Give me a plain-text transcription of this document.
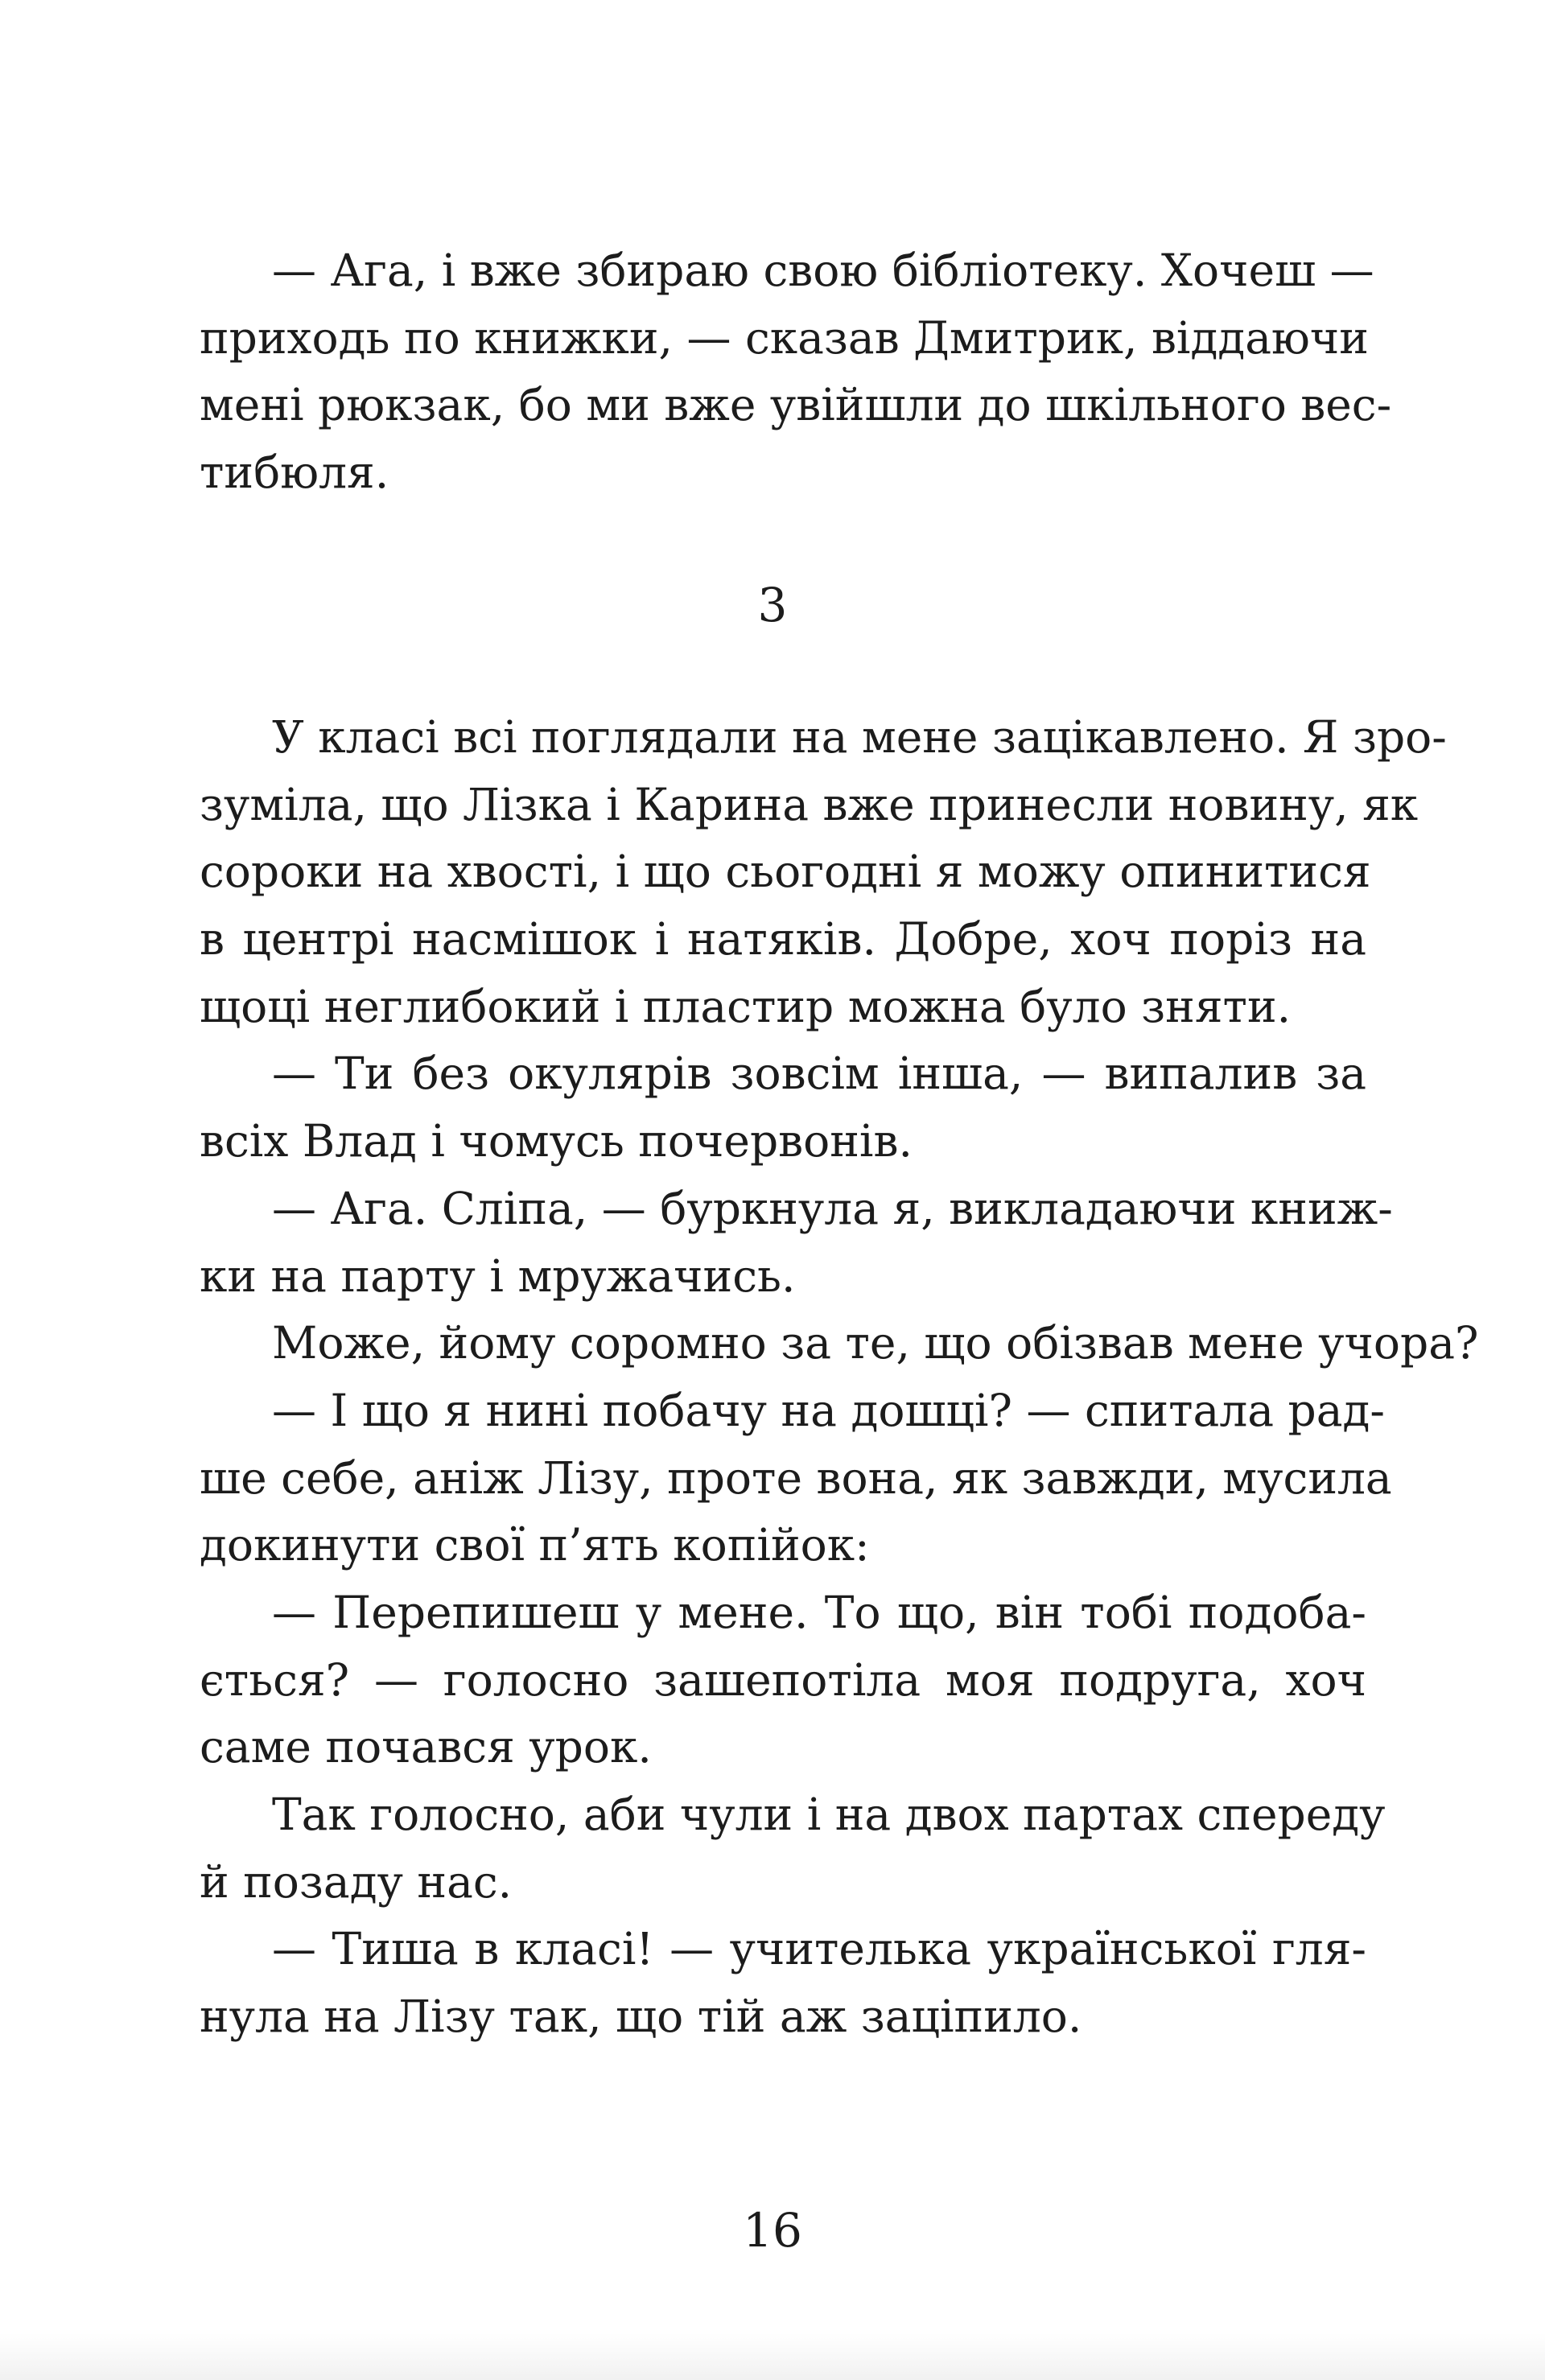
— Ага, і вже збираю свою бібліотеку. Хочеш —
приходь по книжки, — сказав Дмитрик, віддаючи
мені рюкзак, бо ми вже увійшли до шкільного вес-
тибюля.
3
У класі всі поглядали на мене зацікавлено. Я зро-
зуміла, що Лізка і Карина вже принесли новину, як
сороки на хвості, і що сьогодні я можу опинитися
в центрі насмішок і натяків. Добре, хоч поріз на
щоці неглибокий і пластир можна було зняти.
— Ти без окулярів зовсім інша, — випалив за
всіх Влад і чомусь почервонів.
— Ага. Сліпа, — буркнула я, викладаючи книж-
ки на парту і мружачись.
Може, йому соромно за те, що обізвав мене учора?
— І що я нині побачу на дошці? — спитала рад-
ше себе, аніж Лізу, проте вона, як завжди, мусила
докинути свої п’ять копійок:
— Перепишеш у мене. То що, він тобі подоба-
ється? — голосно зашепотіла моя подруга, хоч
саме почався урок.
Так голосно, аби чули і на двох партах спереду
й позаду нас.
— Тиша в класі! — учителька української гля-
нула на Лізу так, що тій аж заціпило.
16
